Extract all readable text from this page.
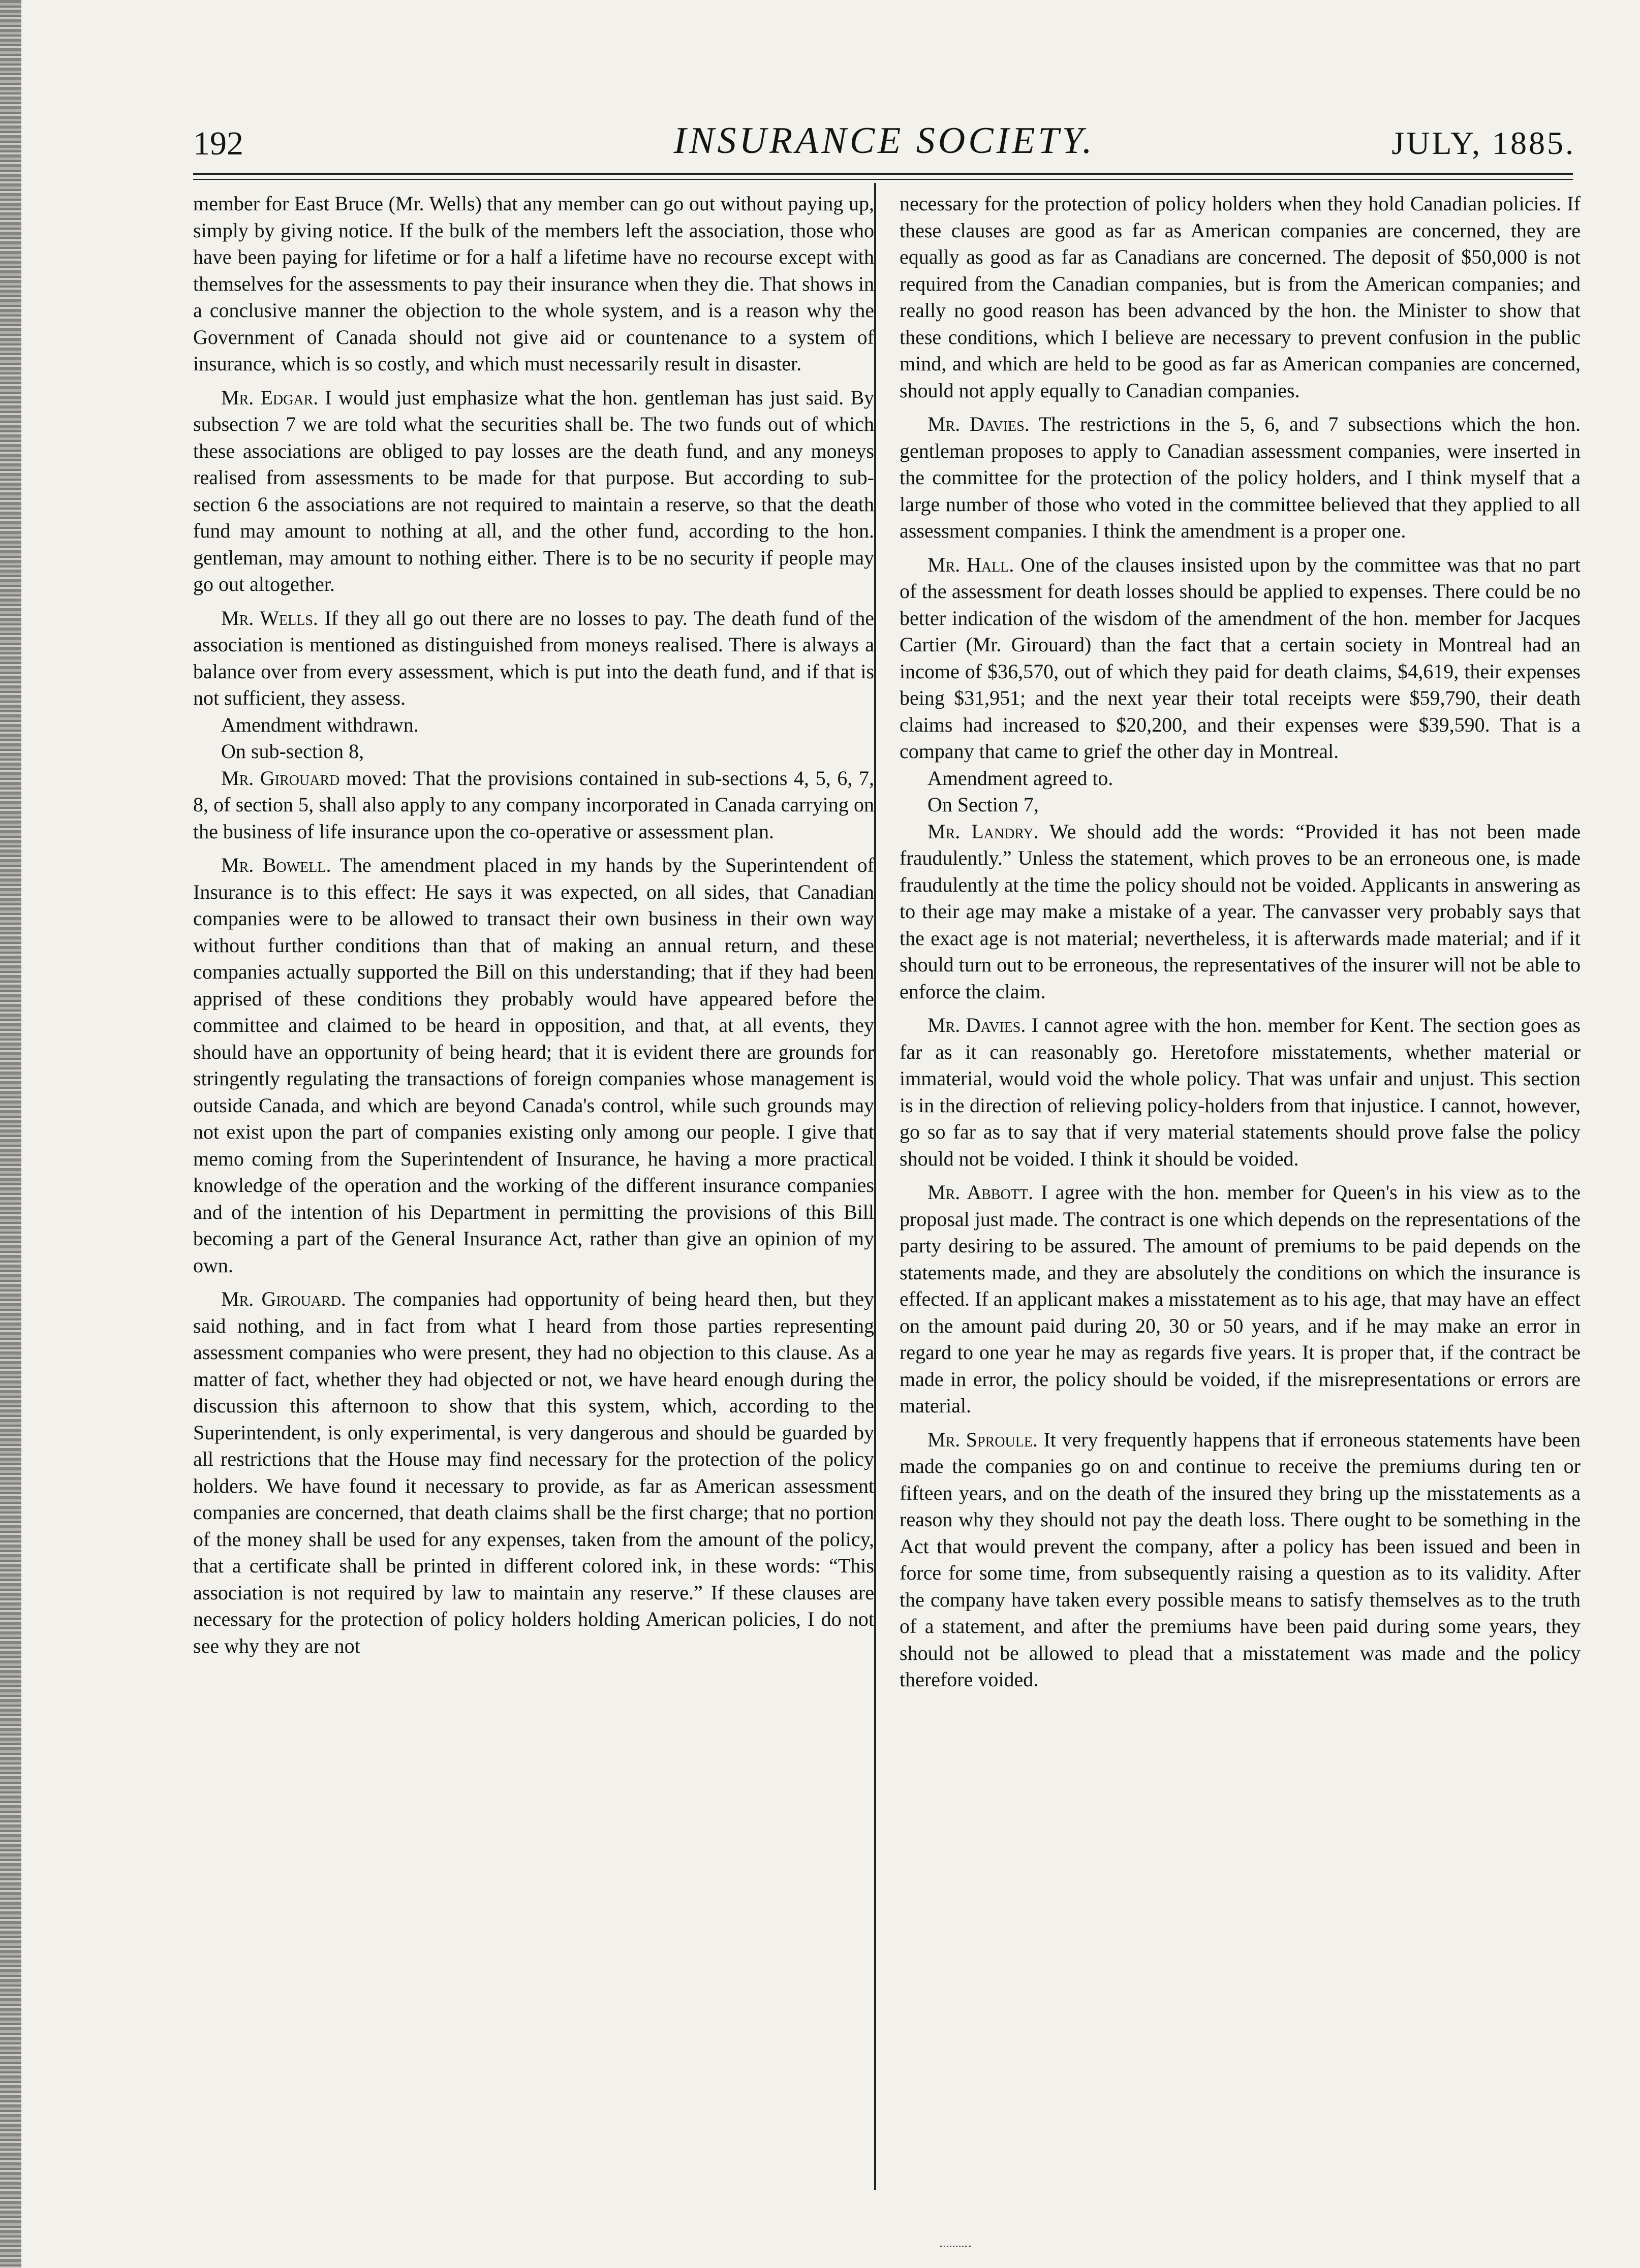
192	INSURANCE SOCIETY.	JULY, 1885.

member for East Bruce (Mr. Wells) that any member can go out without paying up, simply by giving notice. If the bulk of the members left the association, those who have been paying for lifetime or for a half a lifetime have no recourse except with themselves for the assessments to pay their insurance when they die. That shows in a conclusive manner the objection to the whole system, and is a reason why the Government of Canada should not give aid or countenance to a system of insurance, which is so costly, and which must necessarily result in disaster.

Mr. Edgar. I would just emphasize what the hon. gentleman has just said. By subsection 7 we are told what the securities shall be. The two funds out of which these associations are obliged to pay losses are the death fund, and any moneys realised from assessments to be made for that purpose. But according to sub-section 6 the associations are not required to maintain a reserve, so that the death fund may amount to nothing at all, and the other fund, according to the hon. gentleman, may amount to nothing either. There is to be no security if people may go out altogether.

Mr. Wells. If they all go out there are no losses to pay. The death fund of the association is mentioned as distinguished from moneys realised. There is always a balance over from every assessment, which is put into the death fund, and if that is not sufficient, they assess.

Amendment withdrawn.

On sub-section 8,

Mr. Girouard moved: That the provisions contained in sub-sections 4, 5, 6, 7, 8, of section 5, shall also apply to any company incorporated in Canada carrying on the business of life insurance upon the co-operative or assessment plan.

Mr. Bowell. The amendment placed in my hands by the Superintendent of Insurance is to this effect: He says it was expected, on all sides, that Canadian companies were to be allowed to transact their own business in their own way without further conditions than that of making an annual return, and these companies actually supported the Bill on this understanding; that if they had been apprised of these conditions they probably would have appeared before the committee and claimed to be heard in opposition, and that, at all events, they should have an opportunity of being heard; that it is evident there are grounds for stringently regulating the transactions of foreign companies whose management is outside Canada, and which are beyond Canada's control, while such grounds may not exist upon the part of companies existing only among our people. I give that memo coming from the Superintendent of Insurance, he having a more practical knowledge of the operation and the working of the different insurance companies and of the intention of his Department in permitting the provisions of this Bill becoming a part of the General Insurance Act, rather than give an opinion of my own.

Mr. Girouard. The companies had opportunity of being heard then, but they said nothing, and in fact from what I heard from those parties representing assessment companies who were present, they had no objection to this clause. As a matter of fact, whether they had objected or not, we have heard enough during the discussion this afternoon to show that this system, which, according to the Superintendent, is only experimental, is very dangerous and should be guarded by all restrictions that the House may find necessary for the protection of the policy holders. We have found it necessary to provide, as far as American assessment companies are concerned, that death claims shall be the first charge; that no portion of the money shall be used for any expenses, taken from the amount of the policy, that a certificate shall be printed in different colored ink, in these words: “This association is not required by law to maintain any reserve.” If these clauses are necessary for the protection of policy holders holding American policies, I do not see why they are not

necessary for the protection of policy holders when they hold Canadian policies. If these clauses are good as far as American companies are concerned, they are equally as good as far as Canadians are concerned. The deposit of $50,000 is not required from the Canadian companies, but is from the American companies; and really no good reason has been advanced by the hon. the Minister to show that these conditions, which I believe are necessary to prevent confusion in the public mind, and which are held to be good as far as American companies are concerned, should not apply equally to Canadian companies.

Mr. Davies. The restrictions in the 5, 6, and 7 subsections which the hon. gentleman proposes to apply to Canadian assessment companies, were inserted in the committee for the protection of the policy holders, and I think myself that a large number of those who voted in the committee believed that they applied to all assessment companies. I think the amendment is a proper one.

Mr. Hall. One of the clauses insisted upon by the committee was that no part of the assessment for death losses should be applied to expenses. There could be no better indication of the wisdom of the amendment of the hon. member for Jacques Cartier (Mr. Girouard) than the fact that a certain society in Montreal had an income of $36,570, out of which they paid for death claims, $4,619, their expenses being $31,951; and the next year their total receipts were $59,790, their death claims had increased to $20,200, and their expenses were $39,590. That is a company that came to grief the other day in Montreal.

Amendment agreed to.

On Section 7,

Mr. Landry. We should add the words: “Provided it has not been made fraudulently.” Unless the statement, which proves to be an erroneous one, is made fraudulently at the time the policy should not be voided. Applicants in answering as to their age may make a mistake of a year. The canvasser very probably says that the exact age is not material; nevertheless, it is afterwards made material; and if it should turn out to be erroneous, the representatives of the insurer will not be able to enforce the claim.

Mr. Davies. I cannot agree with the hon. member for Kent. The section goes as far as it can reasonably go. Heretofore misstatements, whether material or immaterial, would void the whole policy. That was unfair and unjust. This section is in the direction of relieving policy-holders from that injustice. I cannot, however, go so far as to say that if very material statements should prove false the policy should not be voided. I think it should be voided.

Mr. Abbott. I agree with the hon. member for Queen's in his view as to the proposal just made. The contract is one which depends on the representations of the party desiring to be assured. The amount of premiums to be paid depends on the statements made, and they are absolutely the conditions on which the insurance is effected. If an applicant makes a misstatement as to his age, that may have an effect on the amount paid during 20, 30 or 50 years, and if he may make an error in regard to one year he may as regards five years. It is proper that, if the contract be made in error, the policy should be voided, if the misrepresentations or errors are material.

Mr. Sproule. It very frequently happens that if erroneous statements have been made the companies go on and continue to receive the premiums during ten or fifteen years, and on the death of the insured they bring up the misstatements as a reason why they should not pay the death loss. There ought to be something in the Act that would prevent the company, after a policy has been issued and been in force for some time, from subsequently raising a question as to its validity. After the company have taken every possible means to satisfy themselves as to the truth of a statement, and after the premiums have been paid during some years, they should not be allowed to plead that a misstatement was made and the policy therefore voided.
